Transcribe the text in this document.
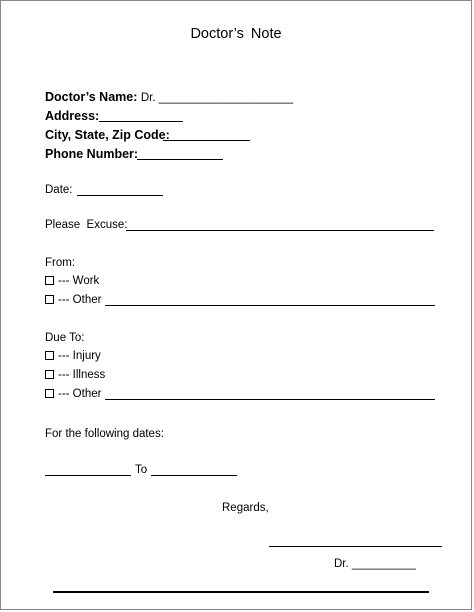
Doctor’s Note
Doctor’s Name: Dr. _____________________
Address:
City, State, Zip Code:
Phone Number:
Date:
Please  Excuse:
From:
--- Work
--- Other
Due To:
--- Injury
--- Illness
--- Other
For the following dates:
To
Regards,
Dr. __________
